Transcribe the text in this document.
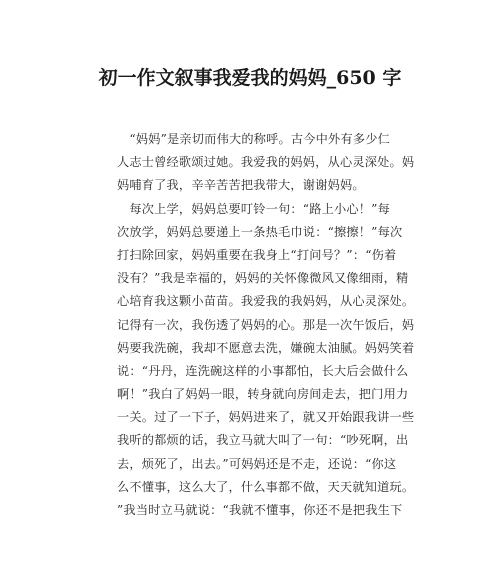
初一作文叙事我爱我的妈妈_650 字
　“妈妈”是亲切而伟大的称呼。古今中外有多少仁
人志士曾经歌颂过她。我爱我的妈妈，从心灵深处。妈
妈哺育了我，辛辛苦苦把我带大，谢谢妈妈。
　每次上学，妈妈总要叮铃一句：“路上小心！”每
次放学，妈妈总要递上一条热毛巾说：“擦擦！”每次
打扫除回家，妈妈重要在我身上“打问号？”：“伤着
没有？”我是幸福的，妈妈的关怀像微风又像细雨，精
心培育我这颗小苗苗。我爱我的我妈妈，从心灵深处。
记得有一次，我伤透了妈妈的心。那是一次午饭后，妈
妈要我洗碗，我却不愿意去洗，嫌碗太油腻。妈妈笑着
说：“丹丹，连洗碗这样的小事都怕，长大后会做什么
啊！”我白了妈妈一眼，转身就向房间走去，把门用力
一关。过了一下子，妈妈进来了，就又开始跟我讲一些
我听的都烦的话，我立马就大叫了一句：“吵死啊，出
去，烦死了，出去。”可妈妈还是不走，还说：“你这
么不懂事，这么大了，什么事都不做，天天就知道玩。
”我当时立马就说：“我就不懂事，你还不是把我生下
